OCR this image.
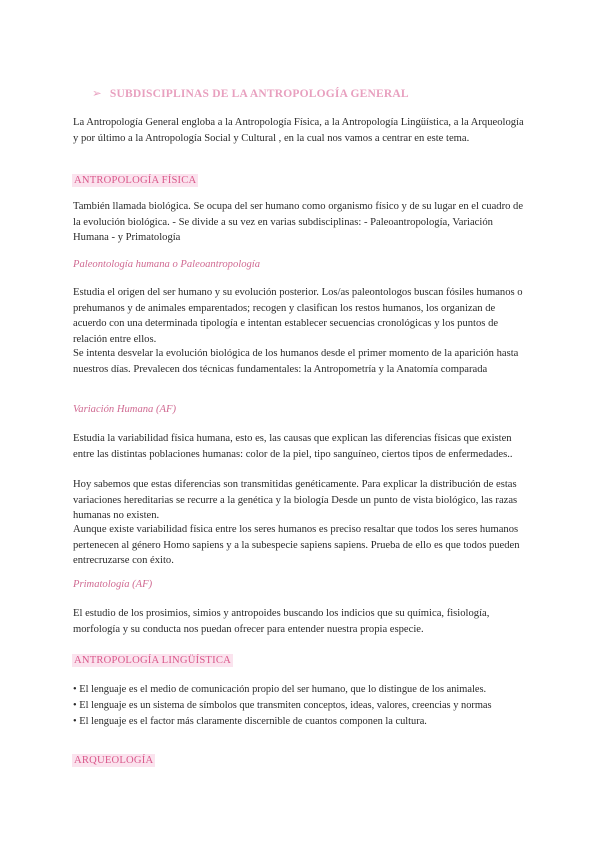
➢ SUBDISCIPLINAS DE LA ANTROPOLOGÍA GENERAL
La Antropología General engloba a la Antropología Física, a la Antropología Lingüística, a la Arqueología y por último a la Antropología Social y Cultural , en la cual nos vamos a centrar en este tema.
ANTROPOLOGÍA FÍSICA
También llamada biológica. Se ocupa del ser humano como organismo físico y de su lugar en el cuadro de la evolución biológica. - Se divide a su vez en varias subdisciplinas: - Paleoantropología, Variación Humana - y Primatología
Paleontología humana o Paleoantropología
Estudia el origen del ser humano y su evolución posterior. Los/as paleontologos buscan fósiles humanos o prehumanos y de animales emparentados; recogen y clasifican los restos humanos, los organizan de acuerdo con una determinada tipología e intentan establecer secuencias cronológicas y los puntos de relación entre ellos.
Se intenta desvelar la evolución biológica de los humanos desde el primer momento de la aparición hasta nuestros días. Prevalecen dos técnicas fundamentales: la Antropometría y la Anatomía comparada
Variación Humana (AF)
Estudia la variabilidad física humana, esto es, las causas que explican las diferencias físicas que existen entre las distintas poblaciones humanas: color de la piel, tipo sanguíneo, ciertos tipos de enfermedades..
Hoy sabemos que estas diferencias son transmitidas genéticamente. Para explicar la distribución de estas variaciones hereditarias se recurre a la genética y la biología Desde un punto de vista biológico, las razas humanas no existen.
Aunque existe variabilidad física entre los seres humanos es preciso resaltar que todos los seres humanos pertenecen al género Homo sapiens y a la subespecie sapiens sapiens. Prueba de ello es que todos pueden entrecruzarse con éxito.
Primatología (AF)
El estudio de los prosimios, simios y antropoides buscando los indicios que su química, fisiología, morfología y su conducta nos puedan ofrecer para entender nuestra propia especie.
ANTROPOLOGÍA LINGÜÍSTICA
• El lenguaje es el medio de comunicación propio del ser humano, que lo distingue de los animales.
• El lenguaje es un sistema de símbolos que transmiten conceptos, ideas, valores, creencias y normas
• El lenguaje es el factor más claramente discernible de cuantos componen la cultura.
ARQUEOLOGÍA
